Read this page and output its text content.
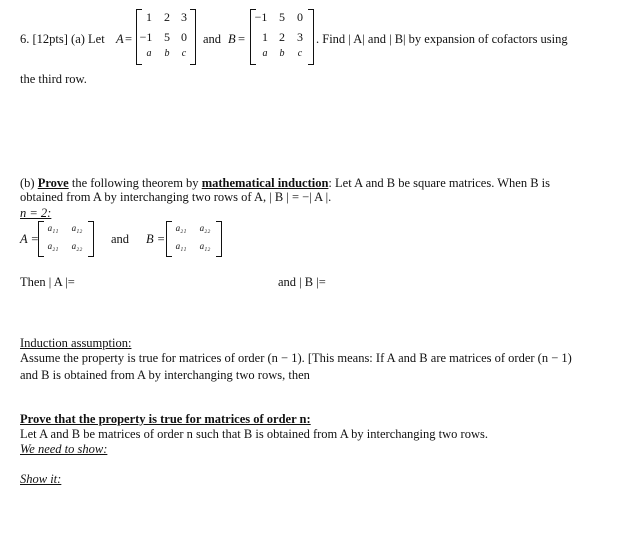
6. [12pts] (a) Let A =
1	2 3
−1 5 0
a	b	c
and B =
−1 5	0
1 2	3
a	b	c
. Find | A| and | B| by expansion of cofactors using
the third row.
(b) Prove the following theorem by mathematical induction: Let A and B be square matrices. When B is
obtained from A by interchanging two rows of A, | B | = −| A |.
n = 2:
A =
a₁₁	a₁₂
a₂₁	a₂₂ and B =
a₂₁	a₂₂
a₁₁	a₁₂
Then | A |=	and | B |=
Induction assumption:
Assume the property is true for matrices of order (n − 1). [This means: If A and B are matrices of order (n − 1)
and B is obtained from A by interchanging two rows, then
Prove that the property is true for matrices of order n:
Let A and B be matrices of order n such that B is obtained from A by interchanging two rows.
We need to show:
Show it:
